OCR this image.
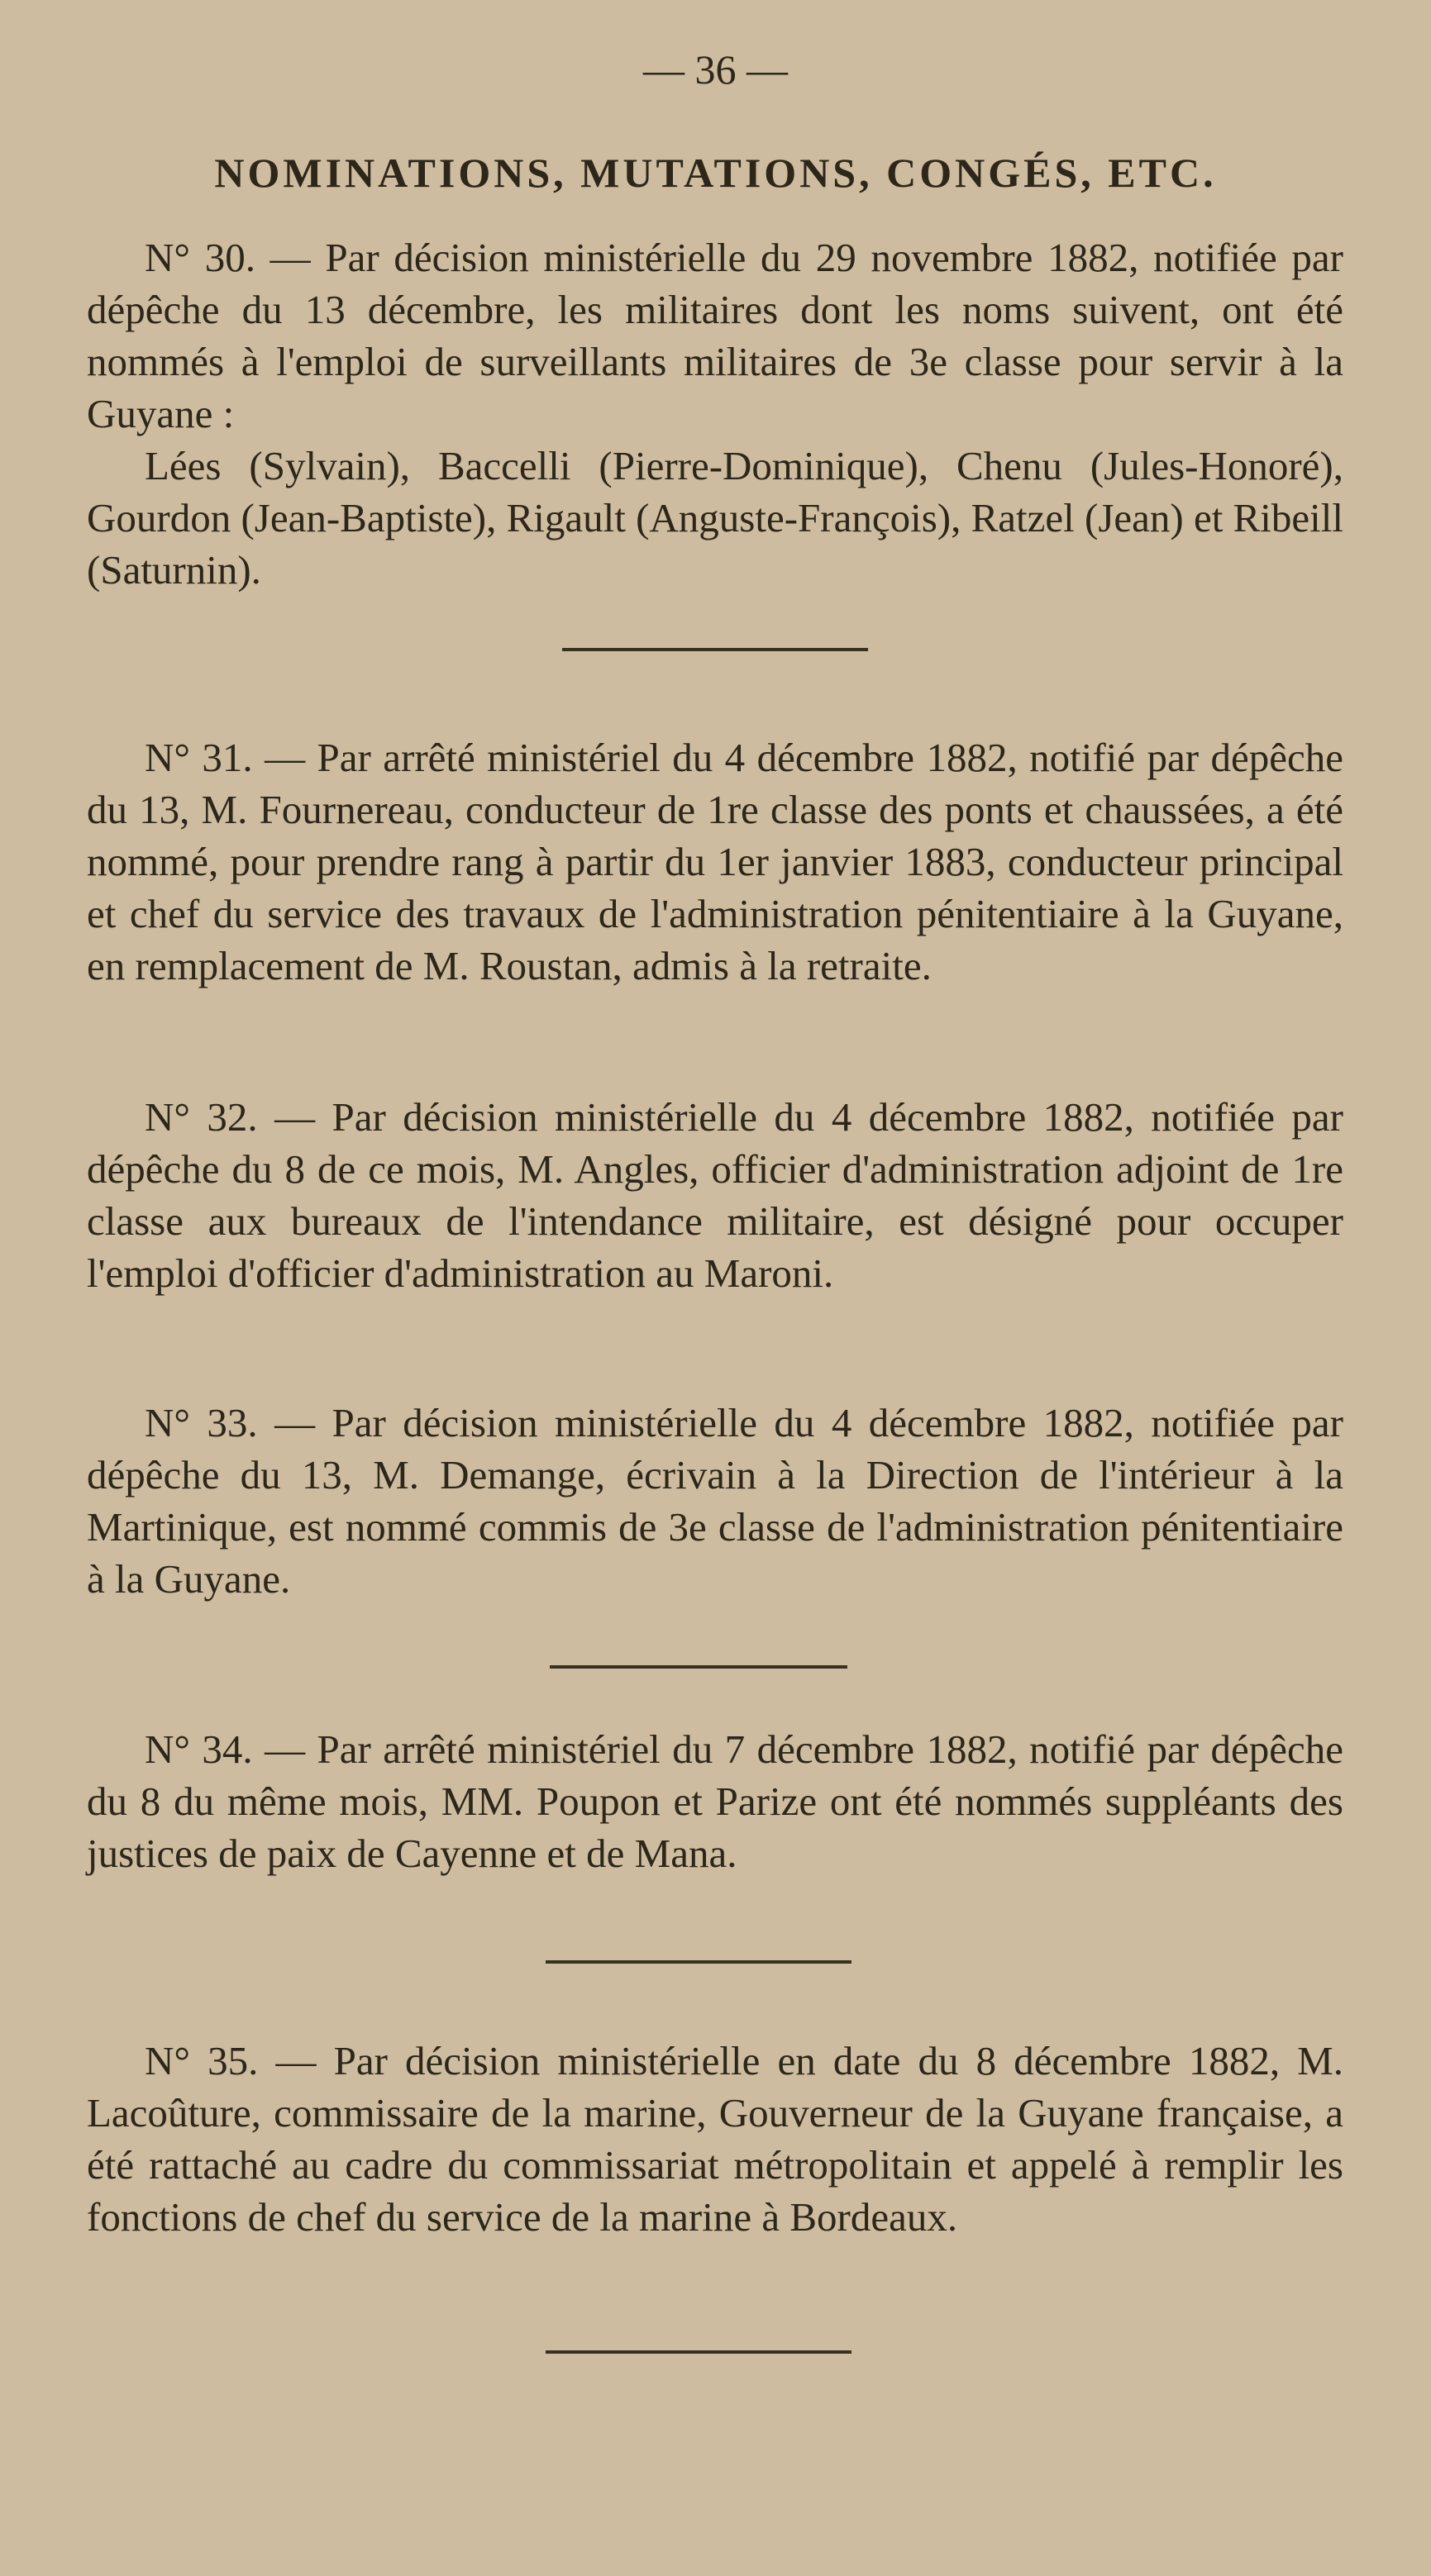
— 36 —
NOMINATIONS, MUTATIONS, CONGÉS, ETC.

N° 30. — Par décision ministérielle du 29 novembre 1882, notifiée par dépêche du 13 décembre, les militaires dont les noms suivent, ont été nommés à l'emploi de surveillants militaires de 3e classe pour servir à la Guyane :

Lées (Sylvain), Baccelli (Pierre-Dominique), Chenu (Jules-Honoré), Gourdon (Jean-Baptiste), Rigault (Anguste-François), Ratzel (Jean) et Ribeill (Saturnin).

N° 31. — Par arrêté ministériel du 4 décembre 1882, notifié par dépêche du 13, M. Fournereau, conducteur de 1re classe des ponts et chaussées, a été nommé, pour prendre rang à partir du 1er janvier 1883, conducteur principal et chef du service des travaux de l'administration pénitentiaire à la Guyane, en remplacement de M. Roustan, admis à la retraite.

N° 32. — Par décision ministérielle du 4 décembre 1882, notifiée par dépêche du 8 de ce mois, M. Angles, officier d'administration adjoint de 1re classe aux bureaux de l'intendance militaire, est désigné pour occuper l'emploi d'officier d'administration au Maroni.

N° 33. — Par décision ministérielle du 4 décembre 1882, notifiée par dépêche du 13, M. Demange, écrivain à la Direction de l'intérieur à la Martinique, est nommé commis de 3e classe de l'administration pénitentiaire à la Guyane.

N° 34. — Par arrêté ministériel du 7 décembre 1882, notifié par dépêche du 8 du même mois, MM. Poupon et Parize ont été nommés suppléants des justices de paix de Cayenne et de Mana.

N° 35. — Par décision ministérielle en date du 8 décembre 1882, M. Lacoûture, commissaire de la marine, Gouverneur de la Guyane française, a été rattaché au cadre du commissariat métropolitain et appelé à remplir les fonctions de chef du service de la marine à Bordeaux.
